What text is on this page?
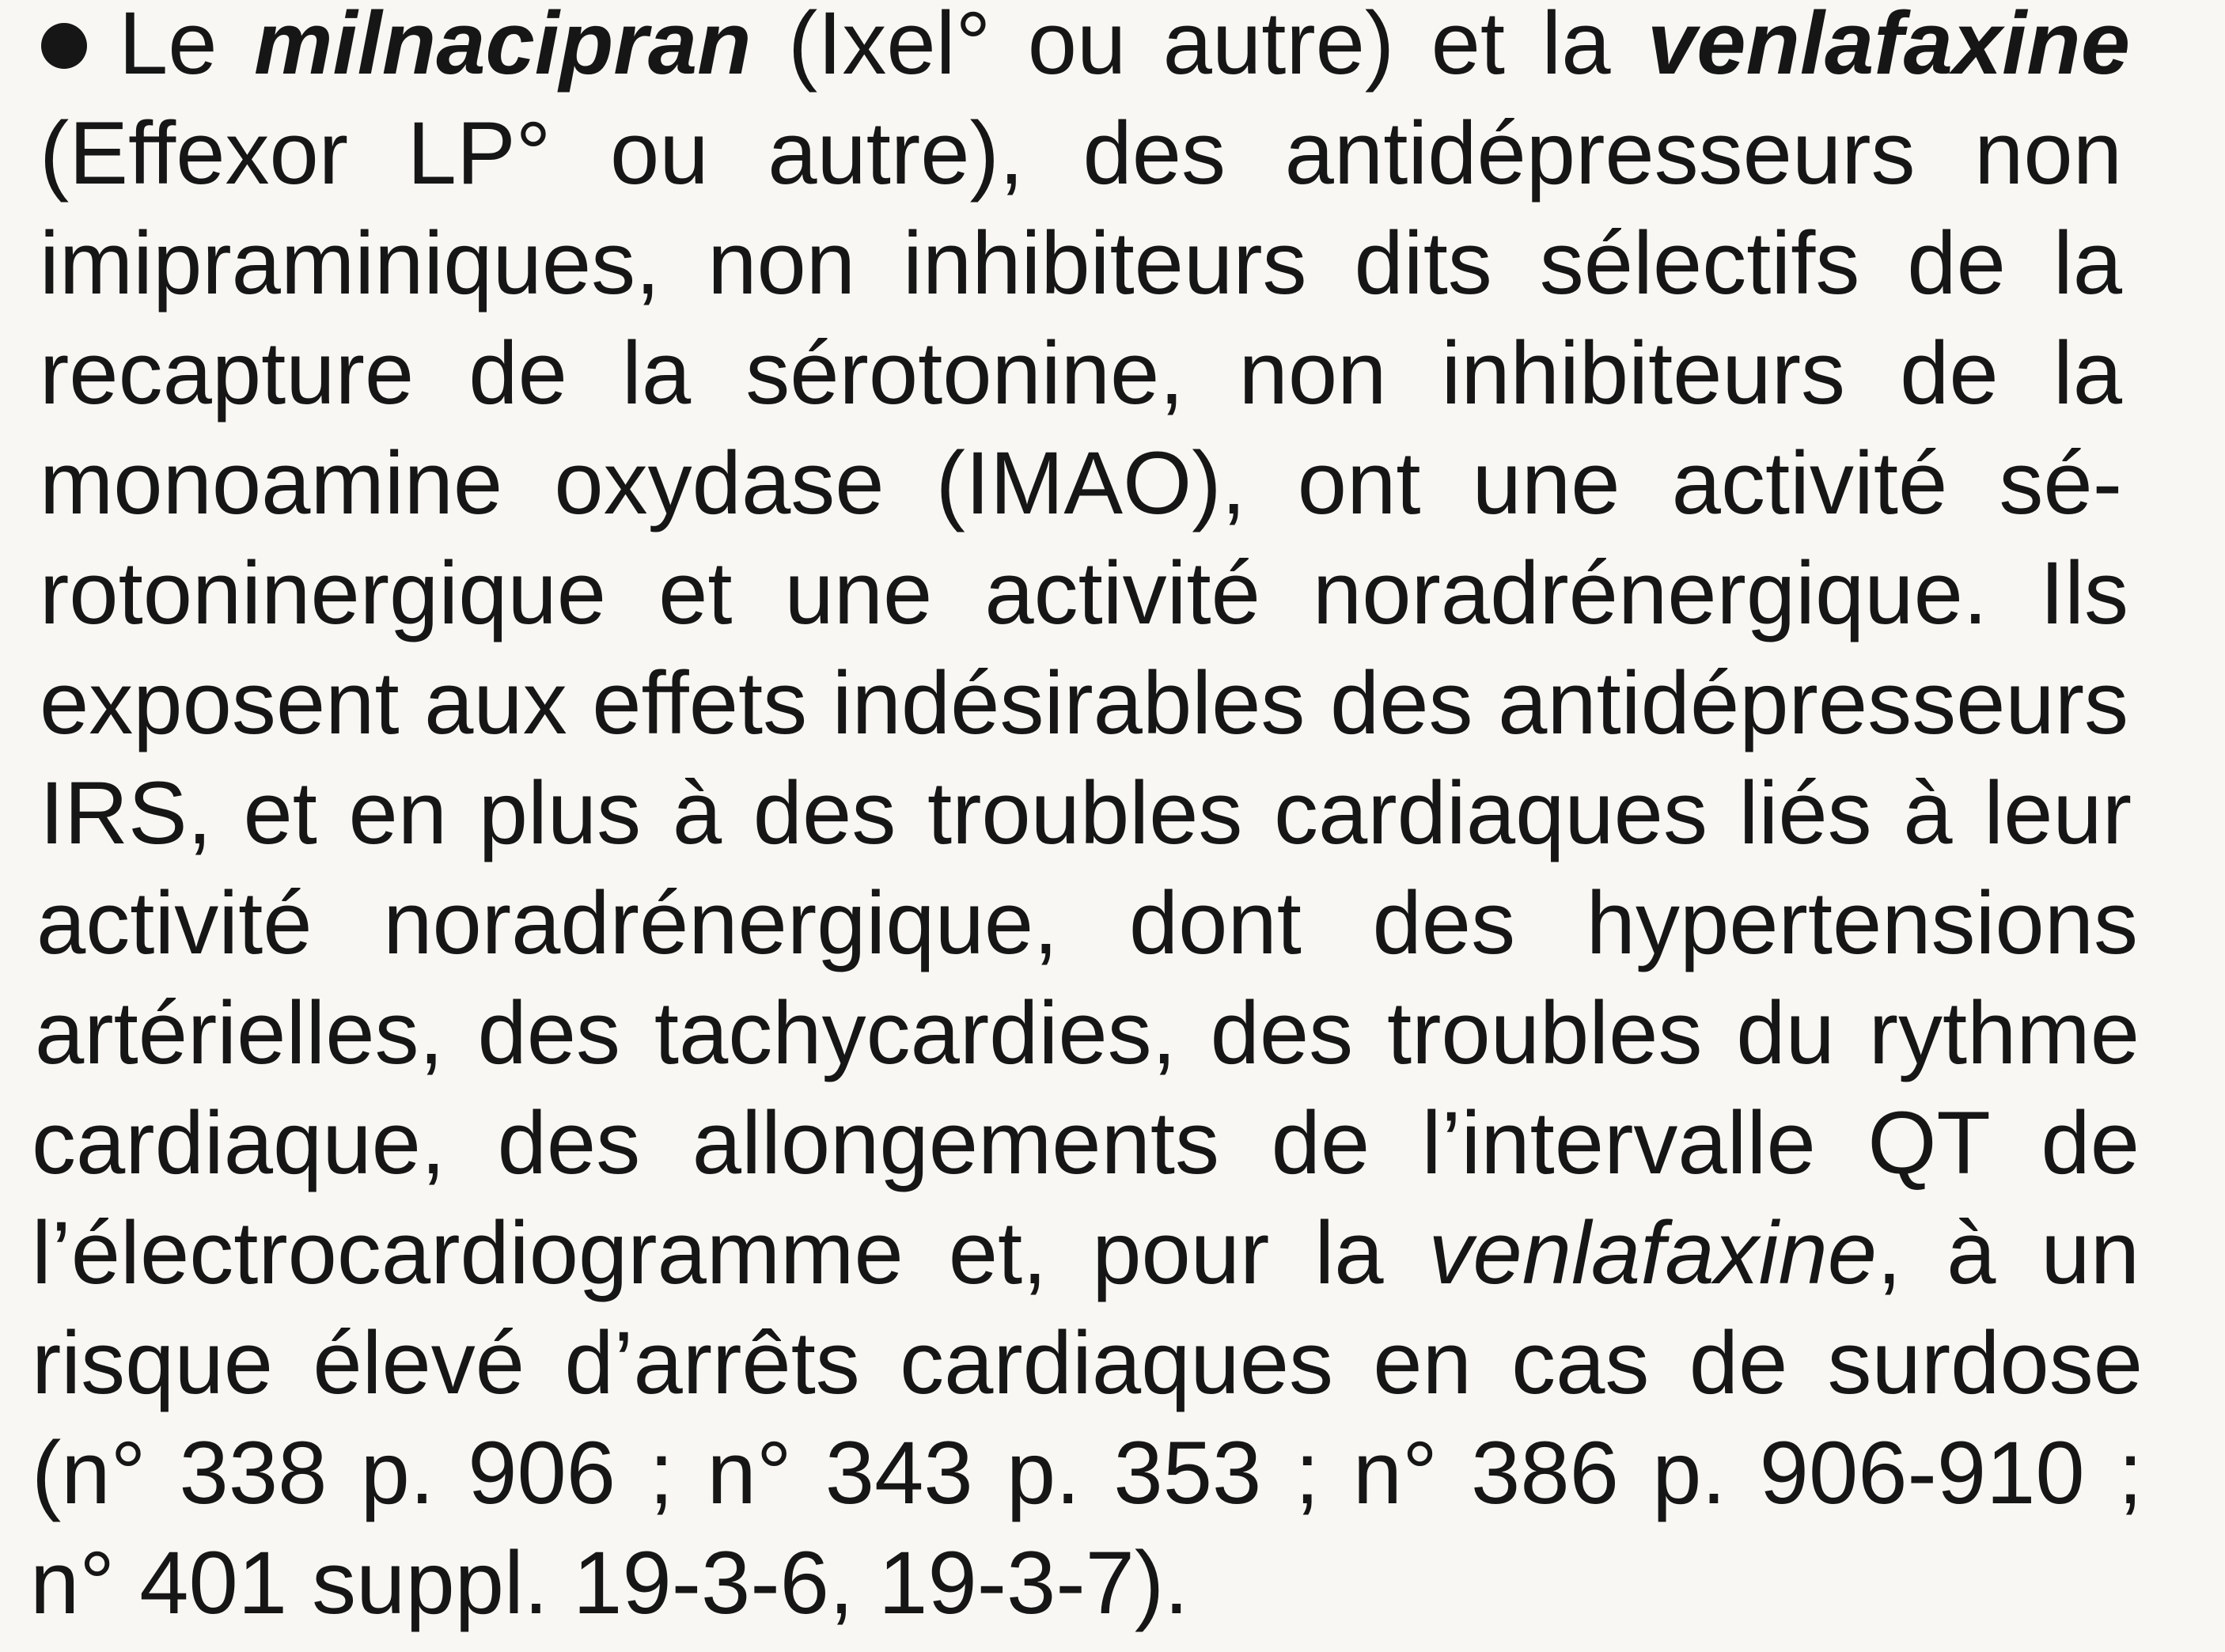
Le milnacipran (Ixel° ou autre) et la venlafaxine
(Effexor LP° ou autre), des antidépresseurs non
imipraminiques, non inhibiteurs dits sélectifs de la
recapture de la sérotonine, non inhibiteurs de la
monoamine oxydase (IMAO), ont une activité sé-
rotoninergique et une activité noradrénergique. Ils
exposent aux effets indésirables des antidépresseurs
IRS, et en plus à des troubles cardiaques liés à leur
activité noradrénergique, dont des hypertensions
artérielles, des tachycardies, des troubles du rythme
cardiaque, des allongements de l’intervalle QT de
l’électrocardiogramme et, pour la venlafaxine, à un
risque élevé d’arrêts cardiaques en cas de surdose
(n° 338 p. 906 ; n° 343 p. 353 ; n° 386 p. 906-910 ;
n° 401 suppl. 19-3-6, 19-3-7).
